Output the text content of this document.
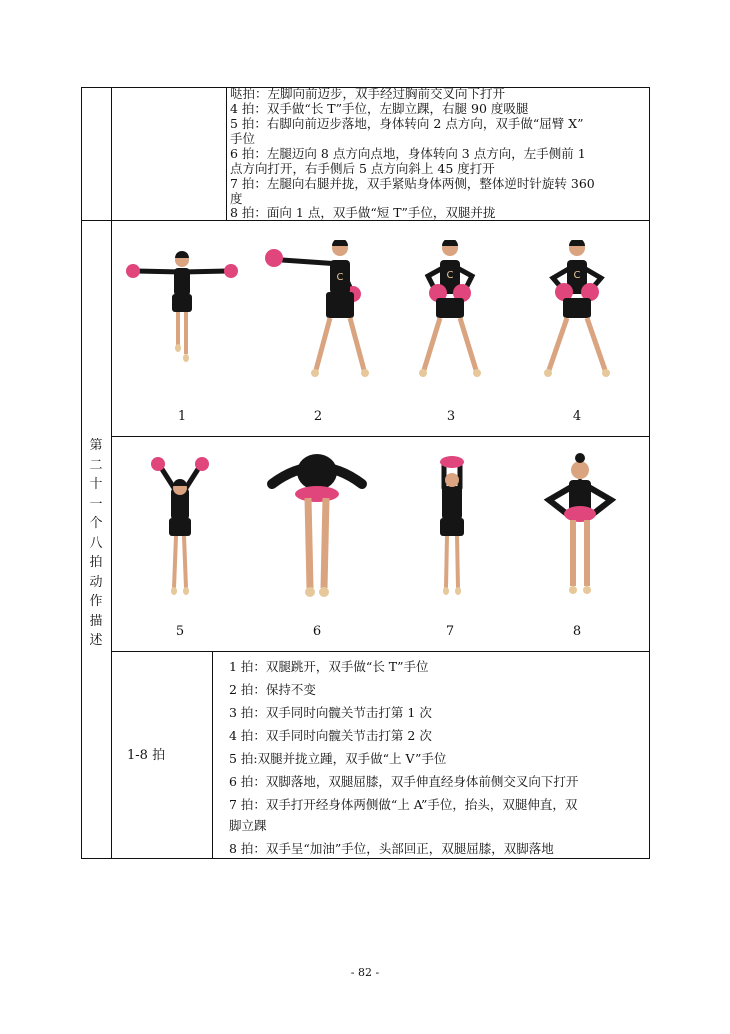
哒拍：左脚向前迈步，双手经过胸前交叉向下打开
4 拍：双手做“长 T”手位，左脚立踝，右腿 90 度吸腿
5 拍：右脚向前迈步落地，身体转向 2 点方向，双手做“屈臂 X”
手位
6 拍：左腿迈向 8 点方向点地，身体转向 3 点方向，左手侧前 1
点方向打开，右手侧后 5 点方向斜上 45 度打开
7 拍：左腿向右腿并拢，双手紧贴身体两侧，整体逆时针旋转 360
度
8 拍：面向 1 点，双手做“短 T”手位，双腿并拢
第
二
十
一
个
八
拍
动
作
描
述
C	C	C
1	2	3	4
5	6	7	8
1-8 拍
1 拍：双腿跳开，双手做“长 T”手位
2 拍：保持不变
3 拍：双手同时向髋关节击打第 1 次
4 拍：双手同时向髋关节击打第 2 次
5 拍:双腿并拢立踵，双手做“上 V”手位
6 拍：双脚落地，双腿屈膝，双手伸直经身体前侧交叉向下打开
7 拍：双手打开经身体两侧做“上 A”手位，抬头，双腿伸直，双
脚立踝
8 拍：双手呈“加油”手位，头部回正，双腿屈膝，双脚落地
- 82 -
